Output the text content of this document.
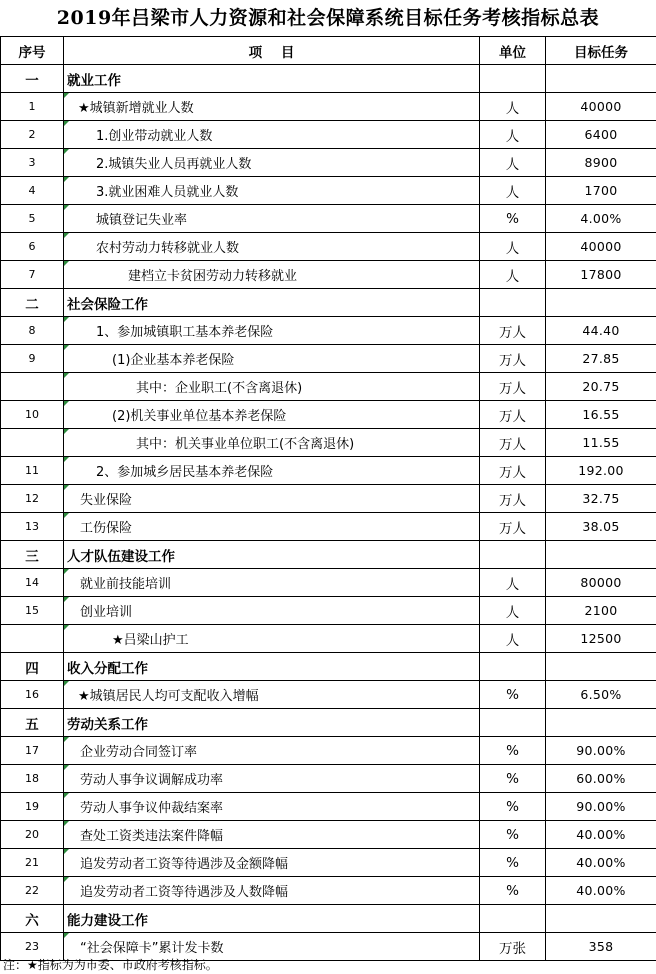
2019年吕梁市人力资源和社会保障系统目标任务考核指标总表
序号	项    目	单位	目标任务
一	就业工作		
1	★城镇新增就业人数	人	40000
2	1.创业带动就业人数	人	6400
3	2.城镇失业人员再就业人数	人	8900
4	3.就业困难人员就业人数	人	1700
5	城镇登记失业率	%	4.00%
6	农村劳动力转移就业人数	人	40000
7	建档立卡贫困劳动力转移就业	人	17800
二	社会保险工作		
8	1、参加城镇职工基本养老保险	万人	44.40
9	(1)企业基本养老保险	万人	27.85
	其中：企业职工(不含离退休)	万人	20.75
10	(2)机关事业单位基本养老保险	万人	16.55
	其中：机关事业单位职工(不含离退休)	万人	11.55
11	2、参加城乡居民基本养老保险	万人	192.00
12	失业保险	万人	32.75
13	工伤保险	万人	38.05
三	人才队伍建设工作		
14	就业前技能培训	人	80000
15	创业培训	人	2100
	★吕梁山护工	人	12500
四	收入分配工作		
16	★城镇居民人均可支配收入增幅	%	6.50%
五	劳动关系工作		
17	企业劳动合同签订率	%	90.00%
18	劳动人事争议调解成功率	%	60.00%
19	劳动人事争议仲裁结案率	%	90.00%
20	查处工资类违法案件降幅	%	40.00%
21	追发劳动者工资等待遇涉及金额降幅	%	40.00%
22	追发劳动者工资等待遇涉及人数降幅	%	40.00%
六	能力建设工作		
23	“社会保障卡”累计发卡数	万张	358
注：★指标为为市委、市政府考核指标。
